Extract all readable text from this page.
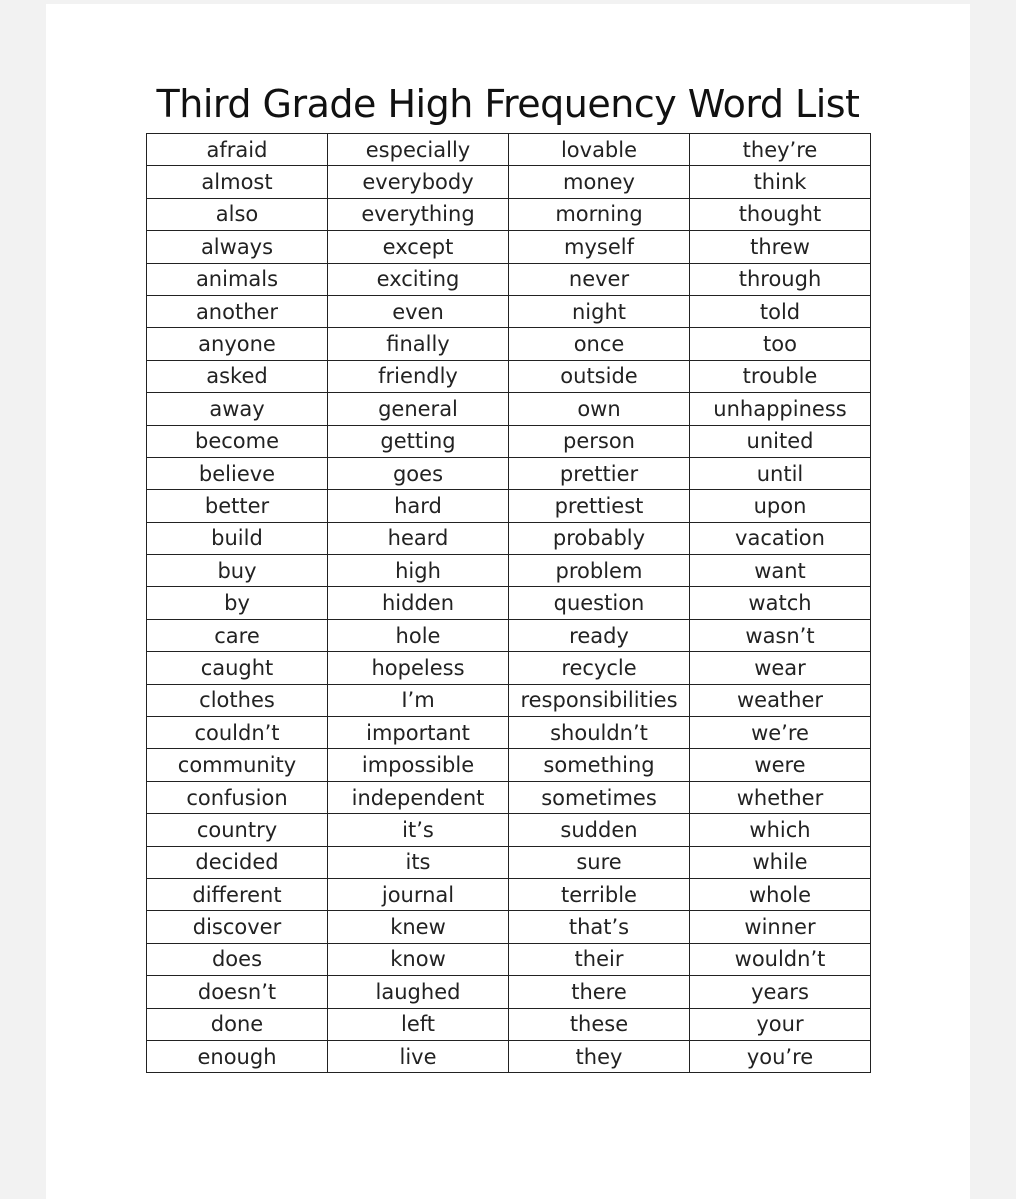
Third Grade High Frequency Word List
afraid	especially	lovable	they’re
almost	everybody	money	think
also	everything	morning	thought
always	except	myself	threw
animals	exciting	never	through
another	even	night	told
anyone	finally	once	too
asked	friendly	outside	trouble
away	general	own	unhappiness
become	getting	person	united
believe	goes	prettier	until
better	hard	prettiest	upon
build	heard	probably	vacation
buy	high	problem	want
by	hidden	question	watch
care	hole	ready	wasn’t
caught	hopeless	recycle	wear
clothes	I’m	responsibilities	weather
couldn’t	important	shouldn’t	we’re
community	impossible	something	were
confusion	independent	sometimes	whether
country	it’s	sudden	which
decided	its	sure	while
different	journal	terrible	whole
discover	knew	that’s	winner
does	know	their	wouldn’t
doesn’t	laughed	there	years
done	left	these	your
enough	live	they	you’re
